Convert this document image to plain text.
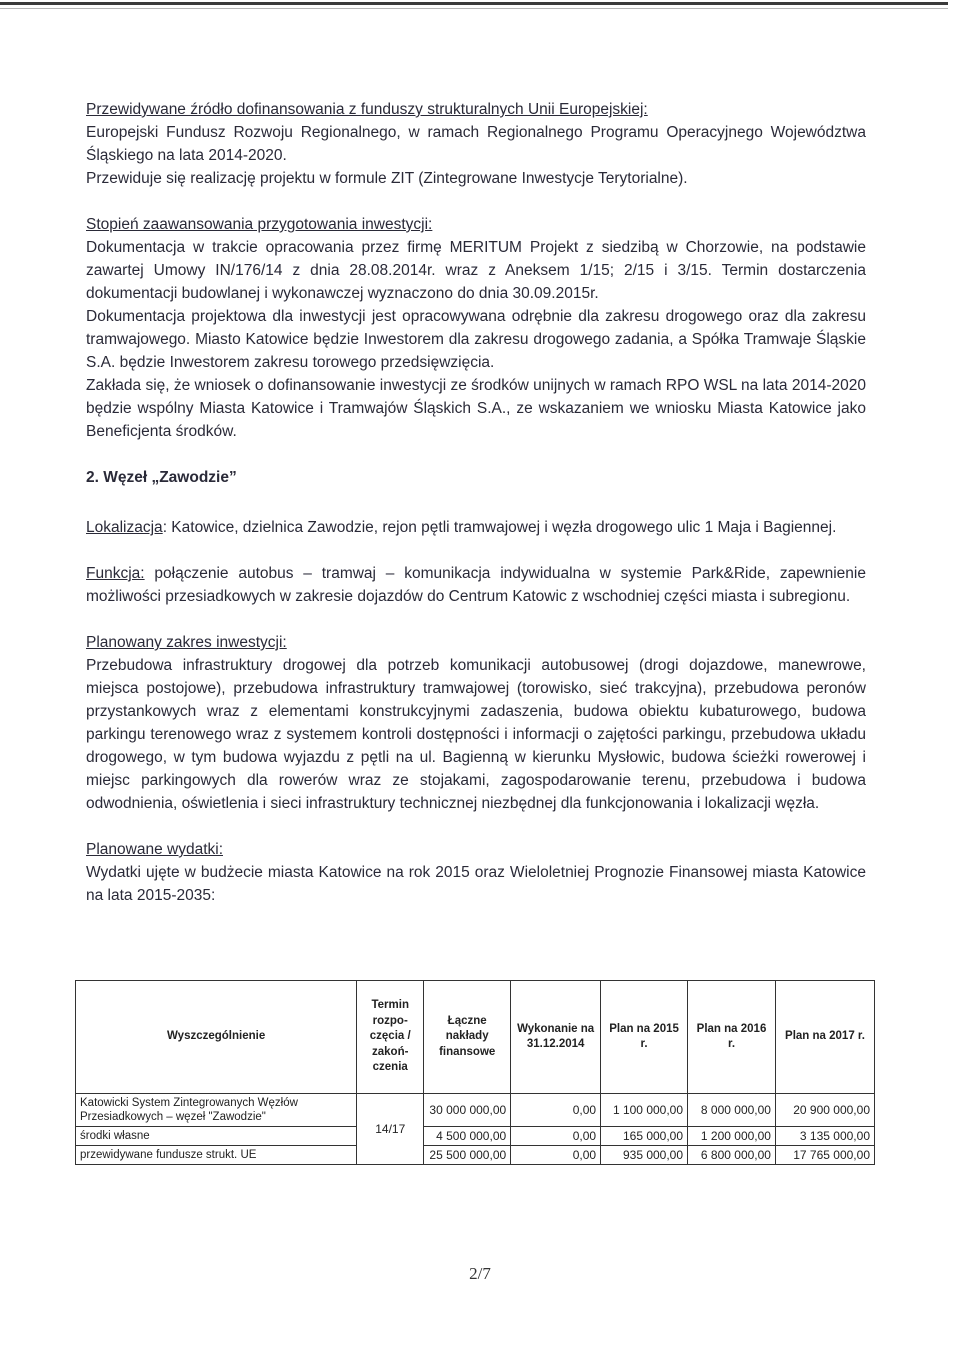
Przewidywane źródło dofinansowania z funduszy strukturalnych Unii Europejskiej:

Europejski Fundusz Rozwoju Regionalnego, w ramach Regionalnego Programu Operacyjnego Województwa Śląskiego na lata 2014-2020.

Przewiduje się realizację projektu w formule ZIT (Zintegrowane Inwestycje Terytorialne).

Stopień zaawansowania przygotowania inwestycji:

Dokumentacja w trakcie opracowania przez firmę MERITUM Projekt z siedzibą w Chorzowie, na podstawie zawartej Umowy IN/176/14 z dnia 28.08.2014r. wraz z Aneksem 1/15; 2/15 i 3/15. Termin dostarczenia dokumentacji budowlanej i wykonawczej wyznaczono do dnia 30.09.2015r.

Dokumentacja projektowa dla inwestycji jest opracowywana odrębnie dla zakresu drogowego oraz dla zakresu tramwajowego. Miasto Katowice będzie Inwestorem dla zakresu drogowego zadania, a Spółka Tramwaje Śląskie S.A. będzie Inwestorem zakresu torowego przedsięwzięcia.

Zakłada się, że wniosek o dofinansowanie inwestycji ze środków unijnych w ramach RPO WSL na lata 2014-2020 będzie wspólny Miasta Katowice i Tramwajów Śląskich S.A., ze wskazaniem we wniosku Miasta Katowice jako Beneficjenta środków.

2. Węzeł „Zawodzie”

Lokalizacja: Katowice, dzielnica Zawodzie, rejon pętli tramwajowej i węzła drogowego ulic 1 Maja i Bagiennej.

Funkcja: połączenie autobus – tramwaj – komunikacja indywidualna w systemie Park&Ride, zapewnienie możliwości przesiadkowych w zakresie dojazdów do Centrum Katowic z wschodniej części miasta i subregionu.

Planowany zakres inwestycji:

Przebudowa infrastruktury drogowej dla potrzeb komunikacji autobusowej (drogi dojazdowe, manewrowe, miejsca postojowe), przebudowa infrastruktury tramwajowej (torowisko, sieć trakcyjna), przebudowa peronów przystankowych wraz z elementami konstrukcyjnymi zadaszenia, budowa obiektu kubaturowego, budowa parkingu terenowego wraz z systemem kontroli dostępności i informacji o zajętości parkingu, przebudowa układu drogowego, w tym budowa wyjazdu z pętli na ul. Bagienną w kierunku Mysłowic, budowa ścieżki rowerowej i miejsc parkingowych dla rowerów wraz ze stojakami, zagospodarowanie terenu, przebudowa i budowa odwodnienia, oświetlenia i sieci infrastruktury technicznej niezbędnej dla funkcjonowania i lokalizacji węzła.

Planowane wydatki:

Wydatki ujęte w budżecie miasta Katowice na rok 2015 oraz Wieloletniej Prognozie Finansowej miasta Katowice na lata 2015-2035:

Wyszczególnienie	Termin rozpo-częcia / zakoń-czenia	Łączne nakłady finansowe	Wykonanie na 31.12.2014	Plan na 2015 r.	Plan na 2016 r.	Plan na 2017 r.
Katowicki System Zintegrowanych Węzłów Przesiadkowych – węzeł "Zawodzie"	14/17	30 000 000,00	0,00	1 100 000,00	8 000 000,00	20 900 000,00
środki własne		4 500 000,00	0,00	165 000,00	1 200 000,00	3 135 000,00
przewidywane fundusze strukt. UE		25 500 000,00	0,00	935 000,00	6 800 000,00	17 765 000,00
2/7
